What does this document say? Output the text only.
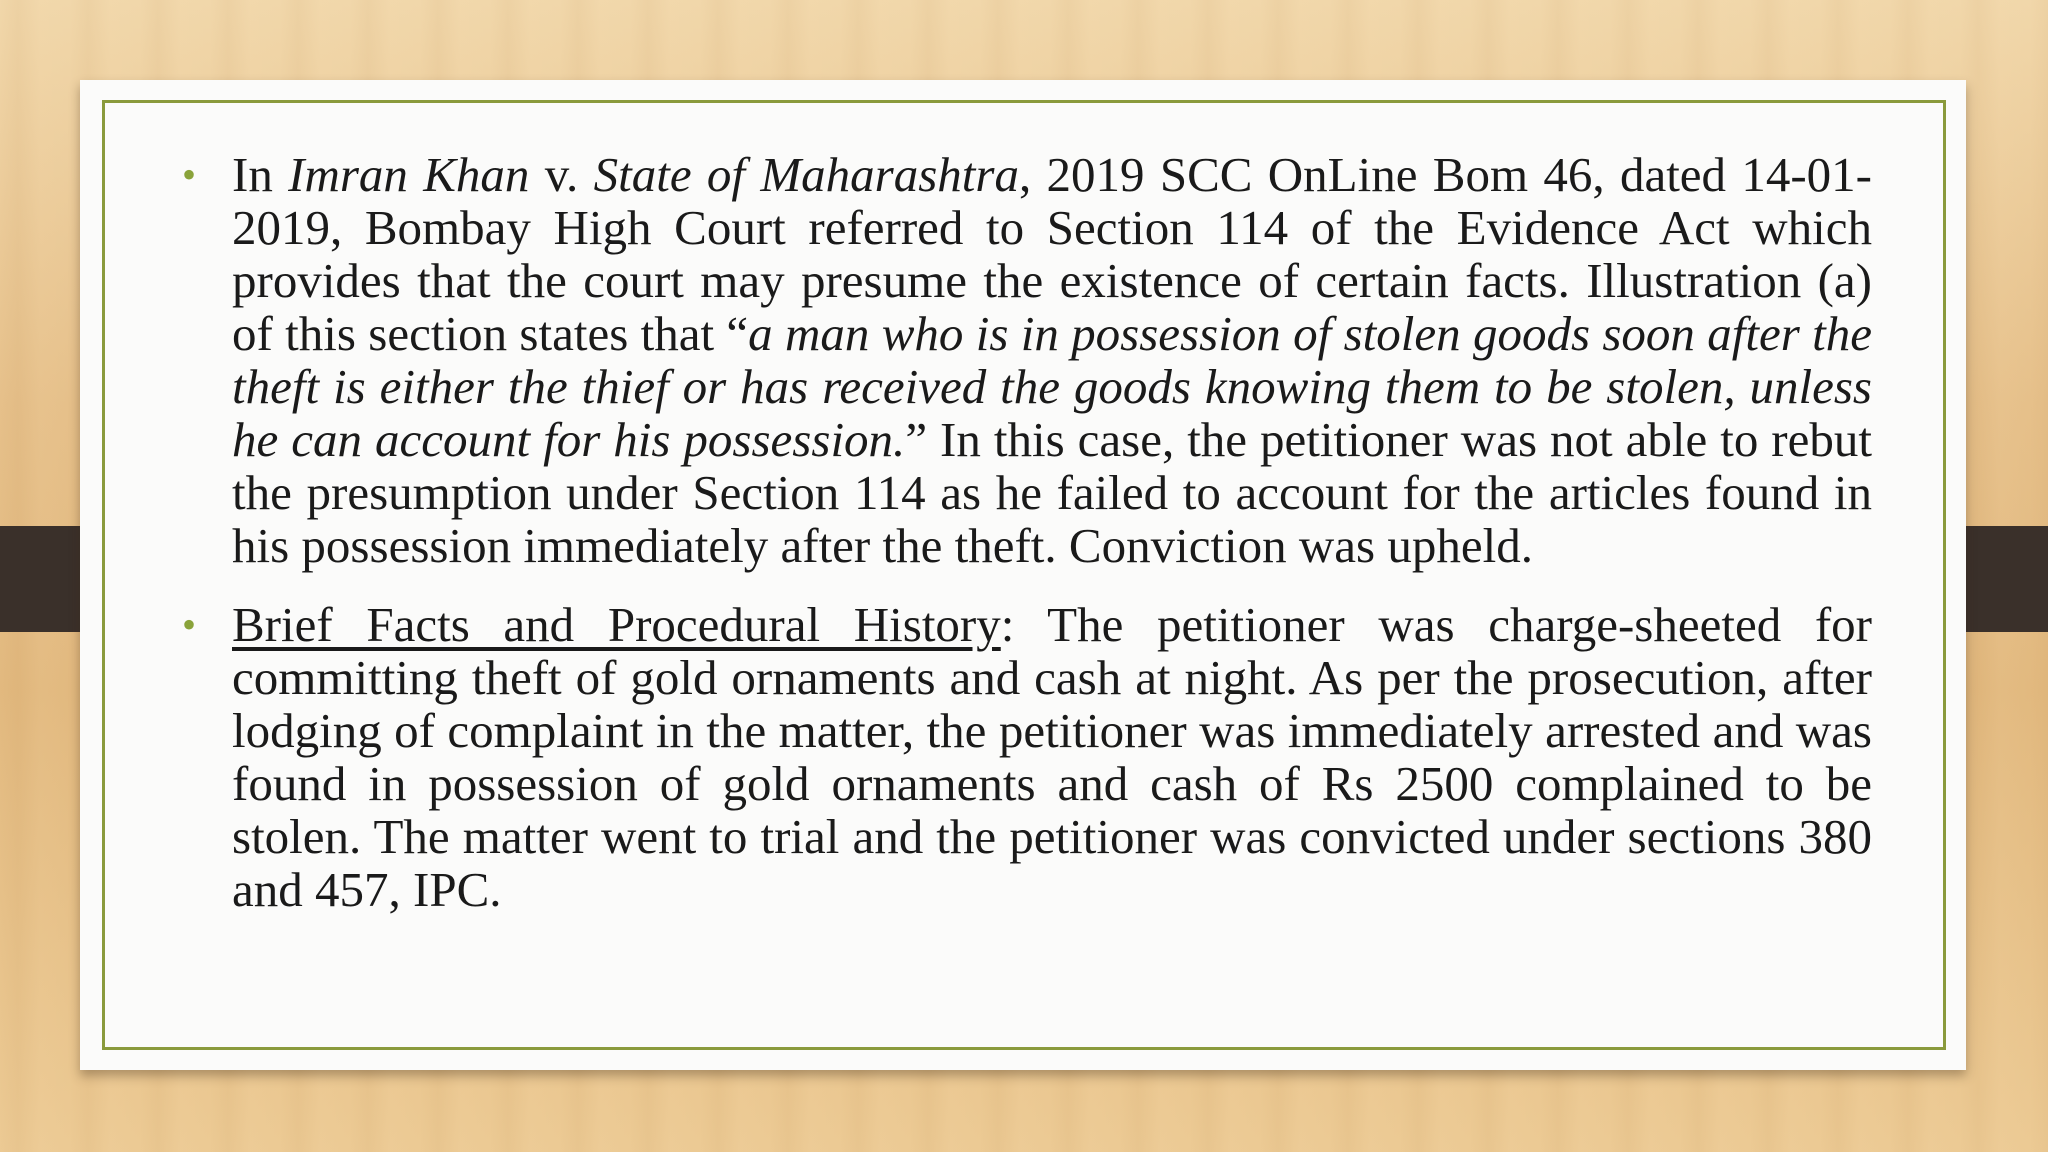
• In Imran Khan v. State of Maharashtra, 2019 SCC OnLine Bom 46, dated 14-01-2019, Bombay High Court referred to Section 114 of the Evidence Act which provides that the court may presume the existence of certain facts. Illustration (a) of this section states that “a man who is in possession of stolen goods soon after the theft is either the thief or has received the goods knowing them to be stolen, unless he can account for his possession.” In this case, the petitioner was not able to rebut the presumption under Section 114 as he failed to account for the articles found in his possession immediately after the theft. Conviction was upheld.
• Brief Facts and Procedural History: The petitioner was charge-sheeted for committing theft of gold ornaments and cash at night. As per the prosecution, after lodging of complaint in the matter, the petitioner was immediately arrested and was found in possession of gold ornaments and cash of Rs 2500 complained to be stolen. The matter went to trial and the petitioner was convicted under sections 380 and 457, IPC.
